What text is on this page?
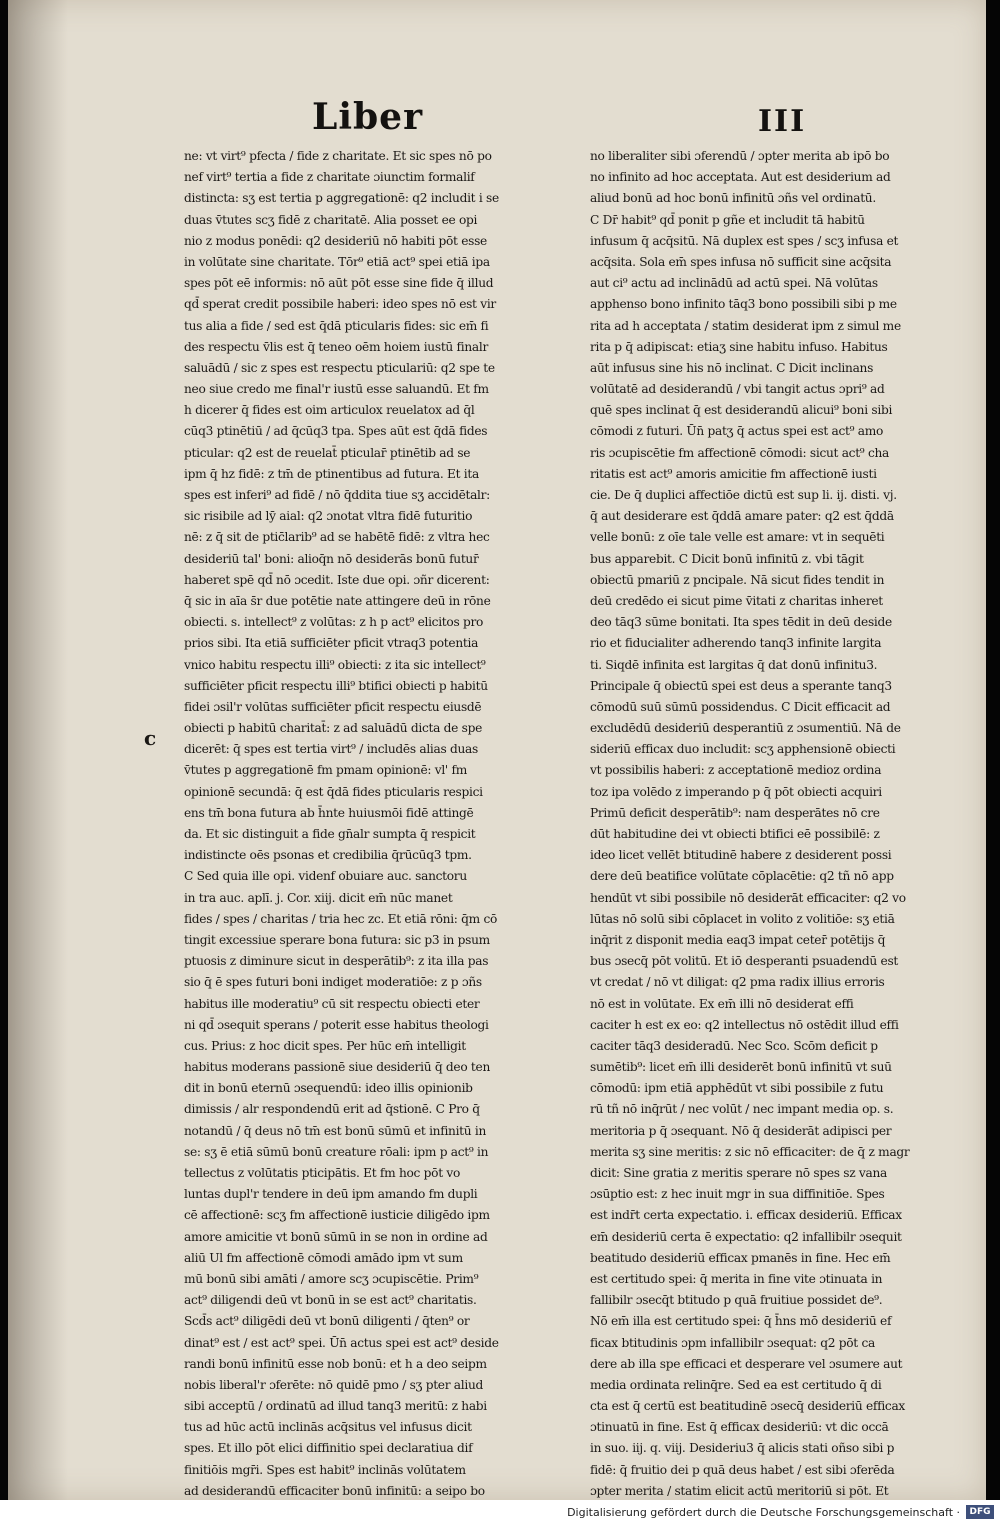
Liber	III
c
ne: vt virt⁹ pfecta / fide z charitate. Et sic spes nō po
nef virt⁹ tertia a fide z charitate ɔiunctim formalif
distincta: sʒ est tertia p aggregationē: q2 includit i se
duas v̄tutes scʒ fidē z charitatē. Alia posset ee opi
nio z modus ponēdi: q2 desideriū nō habiti pōt esse
in volūtate sine charitate. Tōr⁹ etiā act⁹ spei etiā ipa
spes pōt eē informis: nō aūt pōt esse sine fide q̄ illud
qd̄ sperat credit possibile haberi: ideo spes nō est vir
tus alia a fide / sed est q̄dā pticularis fides: sic em̄ fi
des respectu v̄lis est q̄ teneo oēm hoiem iustū finalr
saluādū / sic z spes est respectu pticulariū: q2 spe te
neo siue credo me final'r iustū esse saluandū. Et fm
h dicerer q̄ fides est oim articulox reuelatox ad q̄l
cūq3 ptinētiū / ad q̄cūq3 tpa. Spes aūt est q̄dā fides
pticular: q2 est de reuelat̄ pticular̄ ptinētib ad se
ipm q̄ hz fidē: z tm̄ de ptinentibus ad futura. Et ita
spes est inferi⁹ ad fidē / nō q̄ddita tiue sʒ accidētalr:
sic risibile ad lȳ aial: q2 ɔnotat vltra fidē futuritio
nē: z q̄ sit de ptic̄larib⁹ ad se habētē fidē: z vltra hec
desideriū tal' boni: alioq̄n nō desiderās bonū futur̄
haberet spē qd̄ nō ɔcedit. Iste due opi. ɔñr dicerent:
q̄ sic in aīa s̄r due potētie nate attingere deū in rōne
obiecti. s. intellect⁹ z volūtas: z h p act⁹ elicitos pro
prios sibi. Ita etiā sufficiēter pficit vtraq3 potentia
vnico habitu respectu illi⁹ obiecti: z ita sic intellect⁹
sufficiēter pficit respectu illi⁹ btifici obiecti p habitū
fidei ɔsil'r volūtas sufficiēter pficit respectu eiusdē
obiecti p habitū charitat̄: z ad saluādū dicta de spe
dicerēt: q̄ spes est tertia virt⁹ / includēs alias duas
v̄tutes p aggregationē fm pmam opinionē: vl' fm
opinionē secundā: q̄ est q̄dā fides pticularis respici
ens tm̄ bona futura ab h̄nte huiusmōi fidē attingē
da. Et sic distinguit a fide gn̄alr sumpta q̄ respicit
indistincte oēs psonas et credibilia q̄rūcūq3 tpm.
C Sed quia ille opi. videnf obuiare auc. sanctoru
in tra auc. aplī. j. Cor. xiij. dicit em̄ nūc manet
fides / spes / charitas / tria hec zc. Et etiā rōni: q̄m cō
tingit excessiue sperare bona futura: sic p3 in psum
ptuosis z diminure sicut in desperātib⁹: z ita illa pas
sio q̄ ē spes futuri boni indiget moderatiōe: z p ɔñs
habitus ille moderatiu⁹ cū sit respectu obiecti eter
ni qd̄ ɔsequit sperans / poterit esse habitus theologi
cus. Prius: z hoc dicit spes. Per hūc em̄ intelligit
habitus moderans passionē siue desideriū q̄ deo ten
dit in bonū eternū ɔsequendū: ideo illis opinionib
dimissis / alr respondendū erit ad q̄stionē. C Pro q̄
notandū / q̄ deus nō tm̄ est bonū sūmū et infinitū in
se: sʒ ē etiā sūmū bonū creature rōali: ipm p act⁹ in
tellectus z volūtatis pticipātis. Et fm hoc pōt vo
luntas dupl'r tendere in deū ipm amando fm dupli
cē affectionē: scʒ fm affectionē iusticie diligēdo ipm
amore amicitie vt bonū sūmū in se non in ordine ad
aliū Ul fm affectionē cōmodi amādo ipm vt sum
mū bonū sibi amāti / amore scʒ ɔcupiscētie. Prim⁹
act⁹ diligendi deū vt bonū in se est act⁹ charitatis.
Scd̄s act⁹ diligēdi deū vt bonū diligenti / q̄ten⁹ or
dinat⁹ est / est act⁹ spei. Ūn̄ actus spei est act⁹ deside
randi bonū infinitū esse nob bonū: et h a deo seipm
nobis liberal'r ɔferēte: nō quidē pmo / sʒ pter aliud
sibi acceptū / ordinatū ad illud tanq3 meritū: z habi
tus ad hūc actū inclinās acq̄situs vel infusus dicit
spes. Et illo pōt elici diffinitio spei declaratiua dif
finitiōis mgr̄i. Spes est habit⁹ inclinās volūtatem
ad desiderandū efficaciter bonū infinitū: a seipo bo
no liberaliter sibi ɔferendū / ɔpter merita ab ipō bo
no infinito ad hoc acceptata. Aut est desiderium ad
aliud bonū ad hoc bonū infinitū ɔñs vel ordinatū.
C Dr̄ habit⁹ qd̄ ponit p gñe et includit tā habitū
infusum q̄ acq̄sitū. Nā duplex est spes / scʒ infusa et
acq̄sita. Sola em̄ spes infusa nō sufficit sine acq̄sita
aut ci⁹ actu ad inclinādū ad actū spei. Nā volūtas
apphenso bono infinito tāq3 bono possibili sibi p me
rita ad h acceptata / statim desiderat ipm z simul me
rita p q̄ adipiscat: etiaʒ sine habitu infuso. Habitus
aūt infusus sine his nō inclinat. C Dicit inclinans
volūtatē ad desiderandū / vbi tangit actus ɔpri⁹ ad
quē spes inclinat q̄ est desiderandū alicui⁹ boni sibi
cōmodi z futuri. Ūn̄ patʒ q̄ actus spei est act⁹ amo
ris ɔcupiscētie fm affectionē cōmodi: sicut act⁹ cha
ritatis est act⁹ amoris amicitie fm affectionē iusti
cie. De q̄ duplici affectiōe dictū est sup li. ij. disti. vj.
q̄ aut desiderare est q̄ddā amare pater: q2 est q̄ddā
velle bonū: z oīe tale velle est amare: vt in sequēti
bus apparebit. C Dicit bonū infinitū z. vbi tāgit
obiectū pmariū z pncipale. Nā sicut fides tendit in
deū credēdo ei sicut pime v̄itati z charitas inheret
deo tāq3 sūme bonitati. Ita spes tēdit in deū deside
rio et fiducialiter adherendo tanq3 infinite largita
ti. Siqdē infinita est largitas q̄ dat donū infinitu3.
Principale q̄ obiectū spei est deus a sperante tanq3
cōmodū suū sūmū possidendus. C Dicit efficacit ad
excludēdū desideriū desperantiū z ɔsumentiū. Nā de
sideriū efficax duo includit: scʒ apphensionē obiecti
vt possibilis haberi: z acceptationē medioz ordina
toz ipa volēdo z imperando p q̄ pōt obiecti acquiri
Primū deficit desperātib⁹: nam desperātes nō cre
dūt habitudine dei vt obiecti btifici eē possibilē: z
ideo licet vellēt btitudinē habere z desiderent possi
dere deū beatifice volūtate cōplacētie: q2 tñ nō app
hendūt vt sibi possibile nō desiderāt efficaciter: q2 vo
lūtas nō solū sibi cōplacet in volito z volitiōe: sʒ etiā
inq̄rit z disponit media eaq3 impat ceter̄ potētijs q̄
bus ɔsecq̄ pōt volitū. Et iō desperanti psuadendū est
vt credat / nō vt diligat: q2 pma radix illius erroris
nō est in volūtate. Ex em̄ illi nō desiderat effi
caciter h est ex eo: q2 intellectus nō ostēdit illud effi
caciter tāq3 desideradū. Nec Sco. Scōm deficit p
sumētib⁹: licet em̄ illi desiderēt bonū infinitū vt suū
cōmodū: ipm etiā apphēdūt vt sibi possibile z futu
rū tñ nō inq̄rūt / nec volūt / nec impant media op. s.
meritoria p q̄ ɔsequant. Nō q̄ desiderāt adipisci per
merita sʒ sine meritis: z sic nō efficaciter: de q̄ z magr
dicit: Sine gratia z meritis sperare nō spes sz vana
ɔsūptio est: z hec inuit mgr in sua diffinitiōe. Spes
est indr̄t certa expectatio. i. efficax desideriū. Efficax
em̄ desideriū certa ē expectatio: q2 infallibilr ɔsequit
beatitudo desideriū efficax pmanēs in fine. Hec em̄
est certitudo spei: q̄ merita in fine vite ɔtinuata in
fallibilr ɔsecq̄t btitudo p quā fruitiue possidet de⁹.
Nō em̄ illa est certitudo spei: q̄ h̄ns mō desideriū ef
ficax btitudinis ɔpm infallibilr ɔsequat: q2 pōt ca
dere ab illa spe efficaci et desperare vel ɔsumere aut
media ordinata relinq̄re. Sed ea est certitudo q̄ di
cta est q̄ certū est beatitudinē ɔsecq̄ desideriū efficax
ɔtinuatū in fine. Est q̄ efficax desideriū: vt dic occā
in suo. iij. q. viij. Desideriu3 q̄ alicis stati oñso sibi p
fidē: q̄ fruitio dei p quā deus habet / est sibi ɔferēda
ɔpter merita / statim elicit actū meritoriū si pōt. Et
Digitalisierung gefördert durch die Deutsche Forschungsgemeinschaft ·	DFG
